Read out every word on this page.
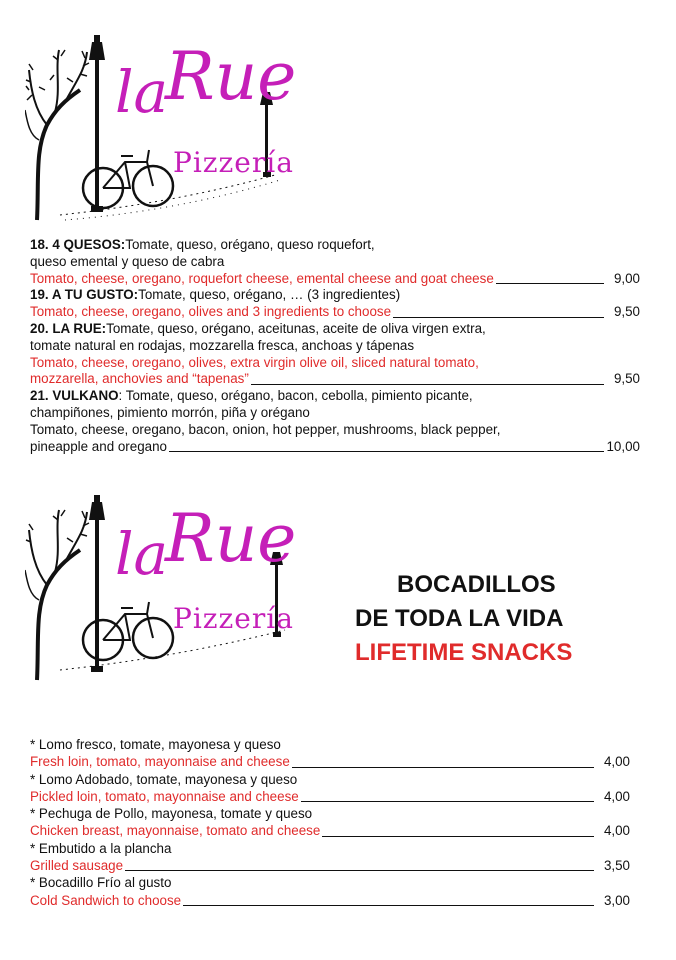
la
Rue
Pizzería
18. 4 QUESOS: Tomate, queso, orégano, queso roquefort,
queso emental y queso de cabra
Tomato, cheese, oregano, roquefort cheese, emental cheese and goat cheese	9,00
19. A TU GUSTO: Tomate, queso, orégano, … (3 ingredientes)
Tomato, cheese, oregano, olives and 3 ingredients to choose	9,50
20. LA RUE: Tomate, queso, orégano, aceitunas, aceite de oliva virgen extra,
tomate natural en rodajas, mozzarella fresca, anchoas y tápenas
Tomato, cheese, oregano, olives, extra virgin olive oil, sliced natural tomato,
mozzarella, anchovies and “tapenas”	9,50
21. VULKANO : Tomate, queso, orégano, bacon, cebolla, pimiento picante,
champiñones, pimiento morrón, piña y orégano
Tomato, cheese, oregano, bacon, onion, hot pepper, mushrooms, black pepper,
pineapple and oregano	10,00
la
Rue
Pizzería
BOCADILLOS
DE TODA LA VIDA
LIFETIME SNACKS
* Lomo fresco, tomate, mayonesa y queso
Fresh loin, tomato, mayonnaise and cheese	4,00
* Lomo Adobado, tomate, mayonesa y queso
Pickled loin, tomato, mayonnaise and cheese	4,00
* Pechuga de Pollo, mayonesa, tomate y queso
Chicken breast, mayonnaise, tomato and cheese	4,00
* Embutido a la plancha
Grilled sausage	3,50
* Bocadillo Frío al gusto
Cold Sandwich to choose	3,00
